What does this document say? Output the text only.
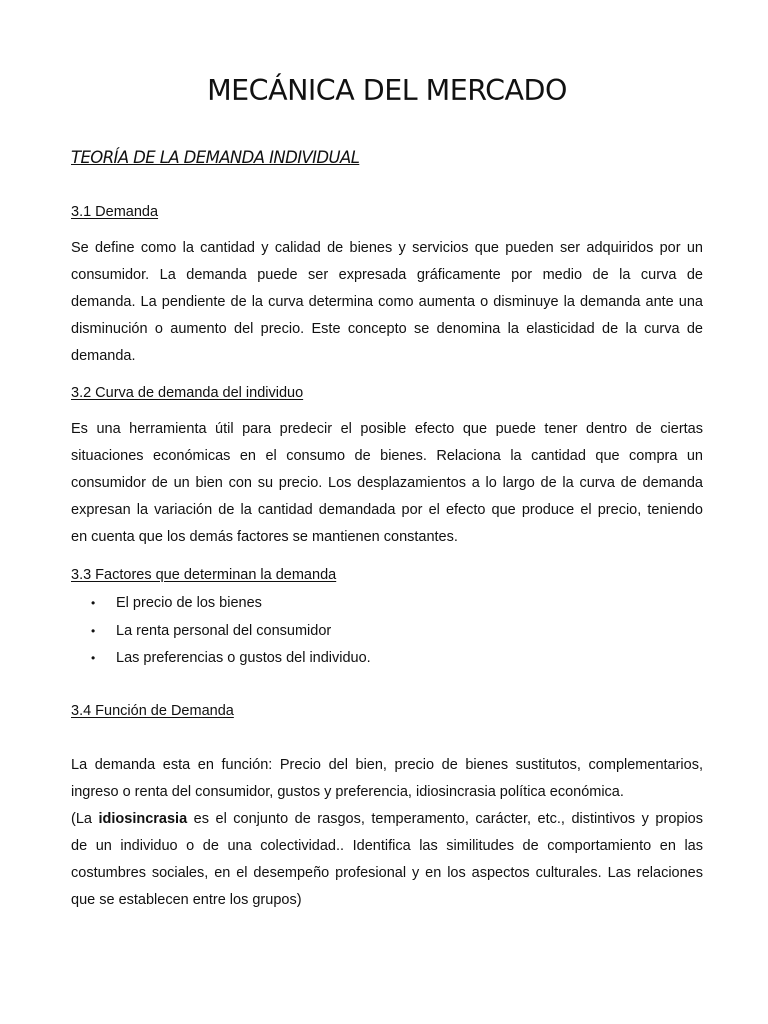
MECÁNICA DEL MERCADO
TEORÍA DE LA DEMANDA INDIVIDUAL
3.1 Demanda
Se define como la cantidad y calidad de bienes y servicios que pueden ser adquiridos por un
consumidor. La demanda puede ser expresada gráficamente por medio de la curva de
demanda. La pendiente de la curva determina como aumenta o disminuye la demanda ante una
disminución o aumento del precio. Este concepto se denomina la elasticidad de la curva de
demanda.
3.2 Curva de demanda del individuo
Es una herramienta útil para predecir el posible efecto que puede tener dentro de ciertas
situaciones económicas en el consumo de bienes. Relaciona la cantidad que compra un
consumidor de un bien con su precio. Los desplazamientos a lo largo de la curva de demanda
expresan la variación de la cantidad demandada por el efecto que produce el precio, teniendo
en cuenta que los demás factores se mantienen constantes.
3.3 Factores que determinan la demanda
• El precio de los bienes
• La renta personal del consumidor
• Las preferencias o gustos del individuo.
3.4 Función de Demanda
La demanda esta en función: Precio del bien, precio de bienes sustitutos, complementarios,
ingreso o renta del consumidor, gustos y preferencia, idiosincrasia política económica.
(La idiosincrasia es el conjunto de rasgos, temperamento, carácter, etc., distintivos y propios
de un individuo o de una colectividad.. Identifica las similitudes de comportamiento en las
costumbres sociales, en el desempeño profesional y en los aspectos culturales. Las relaciones
que se establecen entre los grupos)
